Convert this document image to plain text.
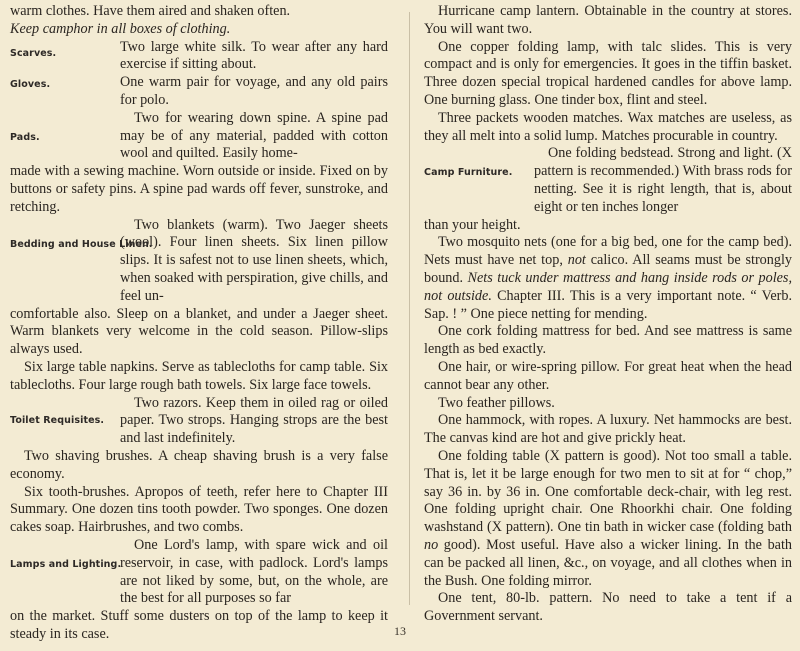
warm clothes. Have them aired and shaken often.

Keep camphor in all boxes of clothing.

Scarves.	Two large white silk. To wear after any hard exercise if sitting about.

Gloves.	One warm pair for voyage, and any old pairs for polo.

Pads.

Two for wearing down spine. A spine pad may be of any material, padded with cotton wool and quilted. Easily home-

made with a sewing machine. Worn outside or inside. Fixed on by buttons or safety pins. A spine pad wards off fever, sunstroke, and retching.

Bedding and House Linen.

Two blankets (warm). Two Jaeger sheets (wool). Four linen sheets. Six linen pillow slips. It is safest not to use linen sheets, which, when soaked with perspiration, give chills, and feel un-

comfortable also. Sleep on a blanket, and under a Jaeger sheet. Warm blankets very welcome in the cold season. Pillow-slips always used.

Six large table napkins. Serve as tablecloths for camp table. Six tablecloths. Four large rough bath towels. Six large face towels.

Toilet Requisites.

Two razors. Keep them in oiled rag or oiled paper. Two strops. Hanging strops are the best and last indefinitely.

Two shaving brushes. A cheap shaving brush is a very false economy.

Six tooth-brushes. Apropos of teeth, refer here to Chapter III Summary. One dozen tins tooth powder. Two sponges. One dozen cakes soap. Hairbrushes, and two combs.

Lamps and Lighting.

One Lord's lamp, with spare wick and oil reservoir, in case, with padlock. Lord's lamps are not liked by some, but, on the whole, are the best for all purposes so far

on the market. Stuff some dusters on top of the lamp to keep it steady in its case.

Hurricane camp lantern. Obtainable in the country at stores. You will want two.

One copper folding lamp, with talc slides. This is very compact and is only for emergencies. It goes in the tiffin basket. Three dozen special tropical hardened candles for above lamp. One burning glass. One tinder box, flint and steel.

Three packets wooden matches. Wax matches are useless, as they all melt into a solid lump. Matches procurable in country.

Camp Furniture.

One folding bedstead. Strong and light. (X pattern is recommended.) With brass rods for netting. See it is right length, that is, about eight or ten inches longer

than your height.

Two mosquito nets (one for a big bed, one for the camp bed). Nets must have net top, not calico. All seams must be strongly bound. Nets tuck under mattress and hang inside rods or poles, not outside. Chapter III. This is a very important note. “ Verb. Sap. ! ” One piece netting for mending.

One cork folding mattress for bed. And see mattress is same length as bed exactly.

One hair, or wire-spring pillow. For great heat when the head cannot bear any other.

Two feather pillows.

One hammock, with ropes. A luxury. Net hammocks are best. The canvas kind are hot and give prickly heat.

One folding table (X pattern is good). Not too small a table. That is, let it be large enough for two men to sit at for “ chop,” say 36 in. by 36 in. One comfortable deck-chair, with leg rest. One folding upright chair. One Rhoorkhi chair. One folding washstand (X pattern). One tin bath in wicker case (folding bath no good). Most useful. Have also a wicker lining. In the bath can be packed all linen, &c., on voyage, and all clothes when in the Bush. One folding mirror.

One tent, 80-lb. pattern. No need to take a tent if a Government servant.

13
